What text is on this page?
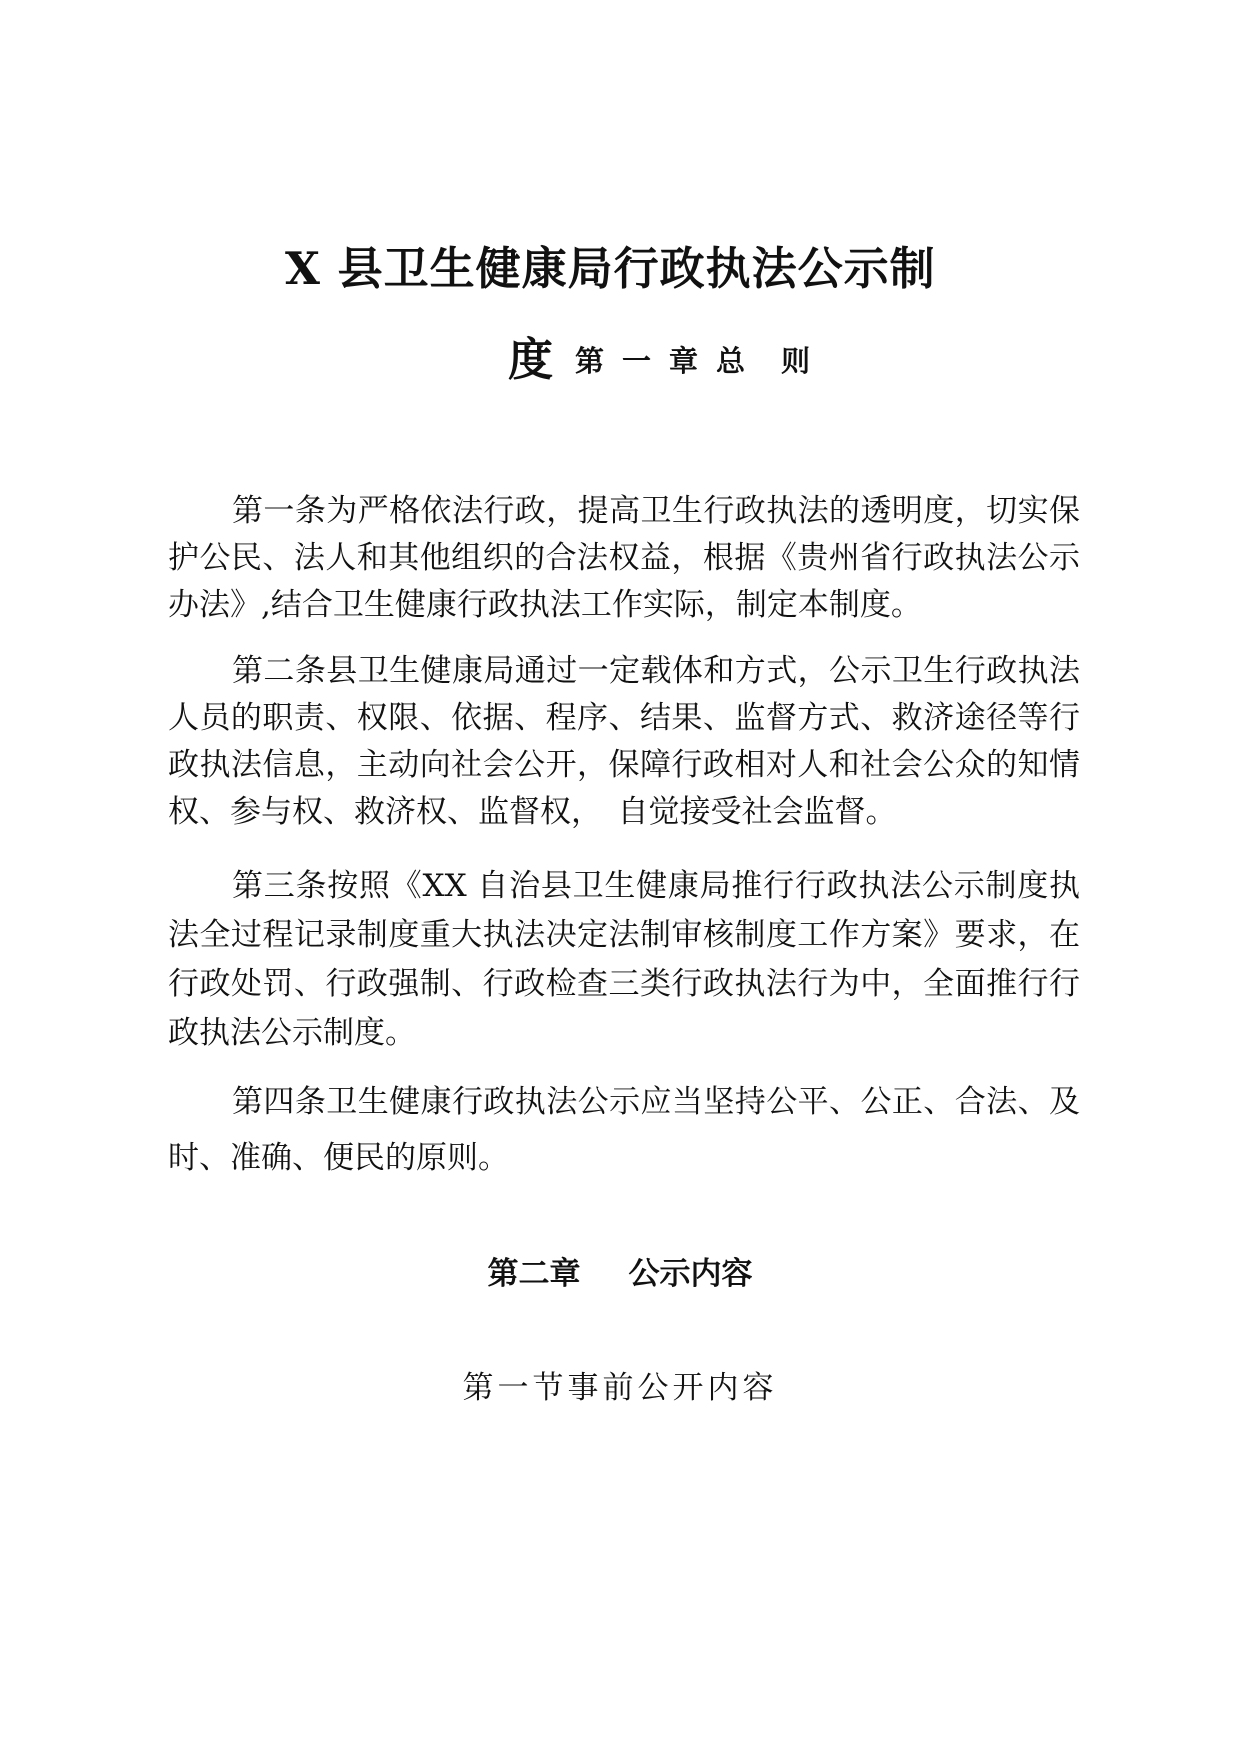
X 县卫生健康局行政执法公示制
度第一章总 则

第一条为严格依法行政，提高卫生行政执法的透明度，切实保护公民、法人和其他组织的合法权益，根据《贵州省行政执法公示办法》,结合卫生健康行政执法工作实际，制定本制度。

第二条县卫生健康局通过一定载体和方式，公示卫生行政执法人员的职责、权限、依据、程序、结果、监督方式、救济途径等行政执法信息，主动向社会公开，保障行政相对人和社会公众的知情权、参与权、救济权、监督权，　自觉接受社会监督。

第三条按照《XX 自治县卫生健康局推行行政执法公示制度执法全过程记录制度重大执法决定法制审核制度工作方案》要求，在行政处罚、行政强制、行政检查三类行政执法行为中，全面推行行政执法公示制度。

第四条卫生健康行政执法公示应当坚持公平、公正、合法、及时、准确、便民的原则。

第二章 公示内容
第一节事前公开内容
